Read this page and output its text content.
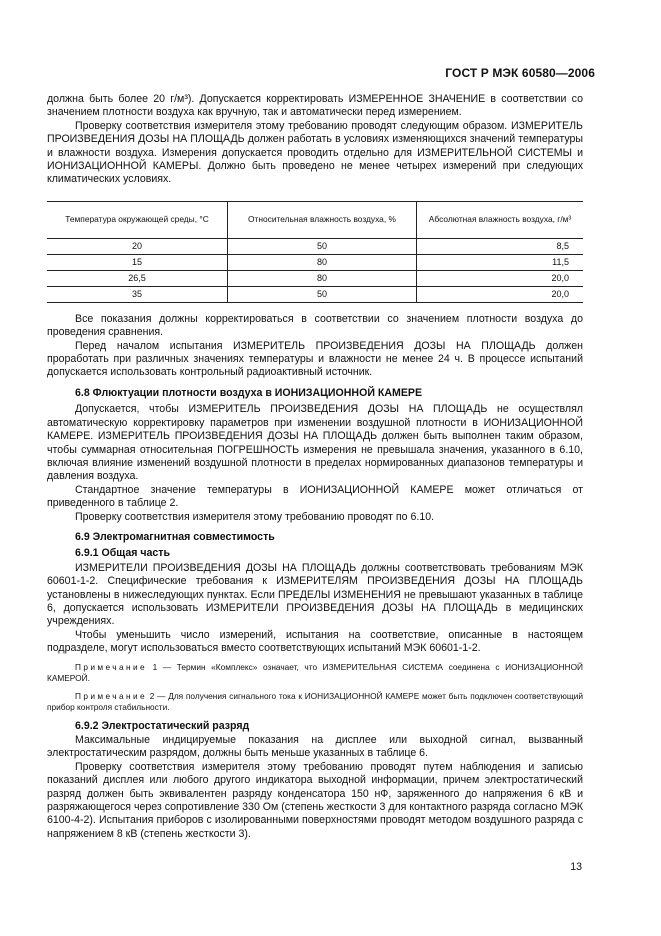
ГОСТ Р МЭК 60580—2006

должна быть более 20 г/м³). Допускается корректировать ИЗМЕРЕННОЕ ЗНАЧЕНИЕ в соответствии со значением плотности воздуха как вручную, так и автоматически перед измерением.

Проверку соответствия измерителя этому требованию проводят следующим образом. ИЗМЕРИТЕЛЬ ПРОИЗВЕДЕНИЯ ДОЗЫ НА ПЛОЩАДЬ должен работать в условиях изменяющихся значений температуры и влажности воздуха. Измерения допускается проводить отдельно для ИЗМЕРИТЕЛЬНОЙ СИСТЕМЫ и ИОНИЗАЦИОННОЙ КАМЕРЫ. Должно быть проведено не менее четырех измерений при следующих климатических условиях.

Температура окружающей среды, °С	Относительная влажность воздуха, %	Абсолютная влажность воздуха, г/м³
20	50	8,5
15	80	11,5
26,5	80	20,0
35	50	20,0

Все показания должны корректироваться в соответствии со значением плотности воздуха до проведения сравнения.

Перед началом испытания ИЗМЕРИТЕЛЬ ПРОИЗВЕДЕНИЯ ДОЗЫ НА ПЛОЩАДЬ должен проработать при различных значениях температуры и влажности не менее 24 ч. В процессе испытаний допускается использовать контрольный радиоактивный источник.

6.8 Флюктуации плотности воздуха в ИОНИЗАЦИОННОЙ КАМЕРЕ

Допускается, чтобы ИЗМЕРИТЕЛЬ ПРОИЗВЕДЕНИЯ ДОЗЫ НА ПЛОЩАДЬ не осуществлял автоматическую корректировку параметров при изменении воздушной плотности в ИОНИЗАЦИОННОЙ КАМЕРЕ. ИЗМЕРИТЕЛЬ ПРОИЗВЕДЕНИЯ ДОЗЫ НА ПЛОЩАДЬ должен быть выполнен таким образом, чтобы суммарная относительная ПОГРЕШНОСТЬ измерения не превышала значения, указанного в 6.10, включая влияние изменений воздушной плотности в пределах нормированных диапазонов температуры и давления воздуха.

Стандартное значение температуры в ИОНИЗАЦИОННОЙ КАМЕРЕ может отличаться от приведенного в таблице 2.

Проверку соответствия измерителя этому требованию проводят по 6.10.

6.9 Электромагнитная совместимость

6.9.1 Общая часть

ИЗМЕРИТЕЛИ ПРОИЗВЕДЕНИЯ ДОЗЫ НА ПЛОЩАДЬ должны соответствовать требованиям МЭК 60601-1-2. Специфические требования к ИЗМЕРИТЕЛЯМ ПРОИЗВЕДЕНИЯ ДОЗЫ НА ПЛОЩАДЬ установлены в нижеследующих пунктах. Если ПРЕДЕЛЫ ИЗМЕНЕНИЯ не превышают указанных в таблице 6, допускается использовать ИЗМЕРИТЕЛИ ПРОИЗВЕДЕНИЯ ДОЗЫ НА ПЛОЩАДЬ в медицинских учреждениях.

Чтобы уменьшить число измерений, испытания на соответствие, описанные в настоящем подразделе, могут использоваться вместо соответствующих испытаний МЭК 60601-1-2.

Примечание 1 — Термин «Комплекс» означает, что ИЗМЕРИТЕЛЬНАЯ СИСТЕМА соединена с ИОНИЗАЦИОННОЙ КАМЕРОЙ.

Примечание 2 — Для получения сигнального тока к ИОНИЗАЦИОННОЙ КАМЕРЕ может быть подключен соответствующий прибор контроля стабильности.

6.9.2 Электростатический разряд

Максимальные индицируемые показания на дисплее или выходной сигнал, вызванный электростатическим разрядом, должны быть меньше указанных в таблице 6.

Проверку соответствия измерителя этому требованию проводят путем наблюдения и записью показаний дисплея или любого другого индикатора выходной информации, причем электростатический разряд должен быть эквивалентен разряду конденсатора 150 нФ, заряженного до напряжения 6 кВ и разряжающегося через сопротивление 330 Ом (степень жесткости 3 для контактного разряда согласно МЭК 6100-4-2). Испытания приборов с изолированными поверхностями проводят методом воздушного разряда с напряжением 8 кВ (степень жесткости 3).

13
